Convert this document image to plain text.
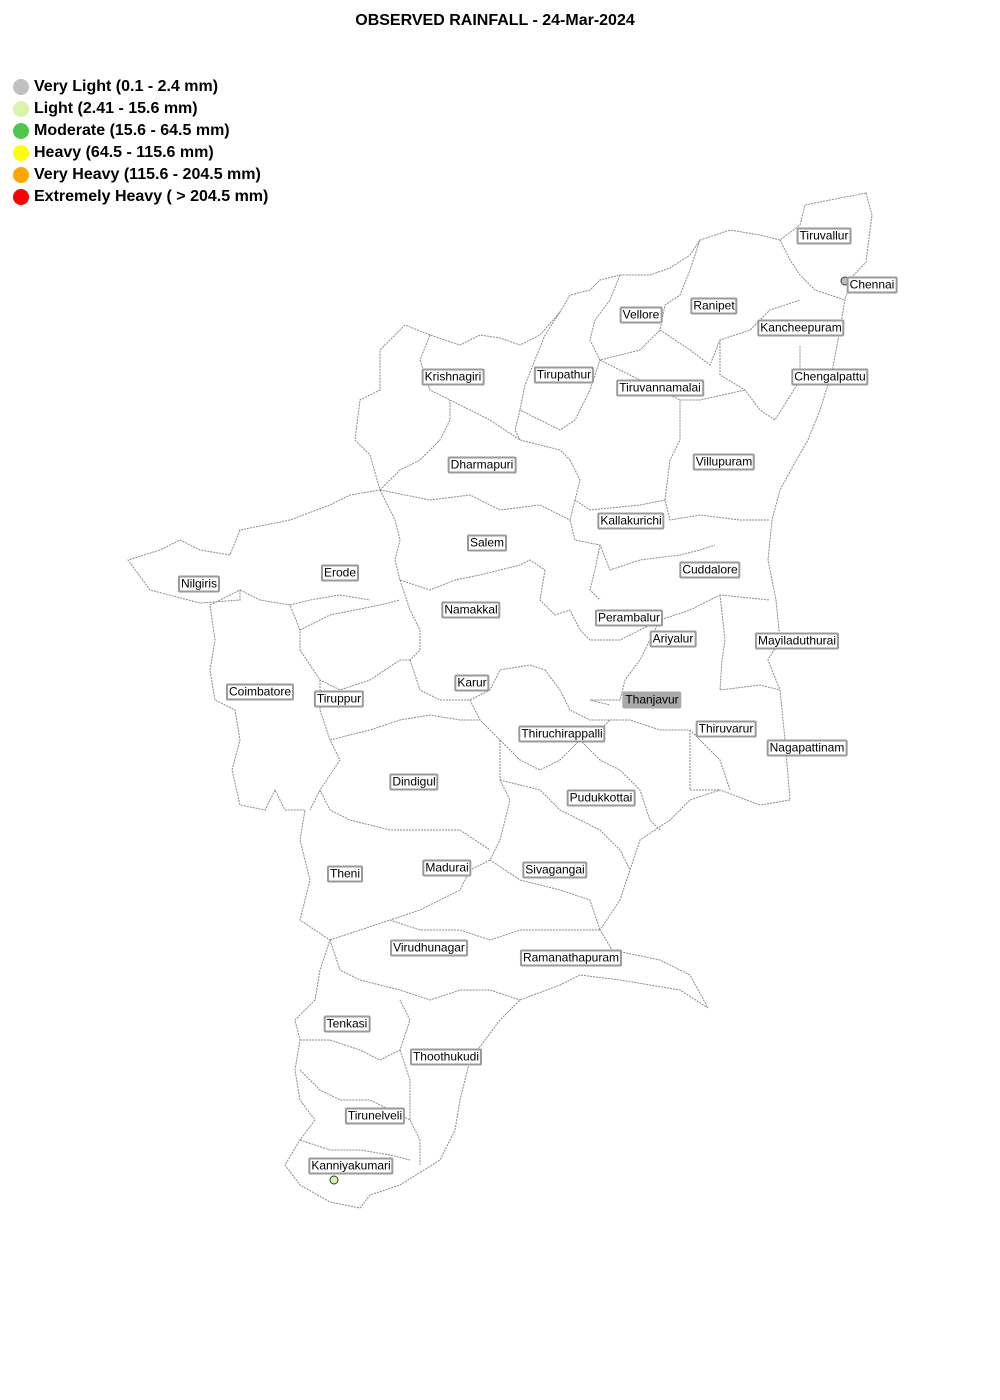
OBSERVED RAINFALL - 24-Mar-2024
Very Light (0.1 - 2.4 mm)
Light (2.41 - 15.6 mm)
Moderate (15.6 - 64.5 mm)
Heavy (64.5 - 115.6 mm)
Very Heavy (115.6 - 204.5 mm)
Extremely Heavy ( > 204.5 mm)
Tiruvallur
Chennai
Ranipet
Vellore
Kancheepuram
Krishnagiri	Tirupathur
Tiruvannamalai
Chengalpattu
Dharmapuri	Villupuram
Kallakurichi
Salem
Nilgiris
Erode	Cuddalore
Namakkal
Perambalur
Ariyalur	Mayiladuthurai
Karur
Coimbatore Tiruppur	Thanjavur
Thiruvarur
Thiruchirappalli
Nagapattinam
Dindigul
Pudukkottai
Theni	Madurai	Sivagangai
Virudhunagar
Ramanathapuram
Tenkasi
Thoothukudi
Tirunelveli
Kanniyakumari
